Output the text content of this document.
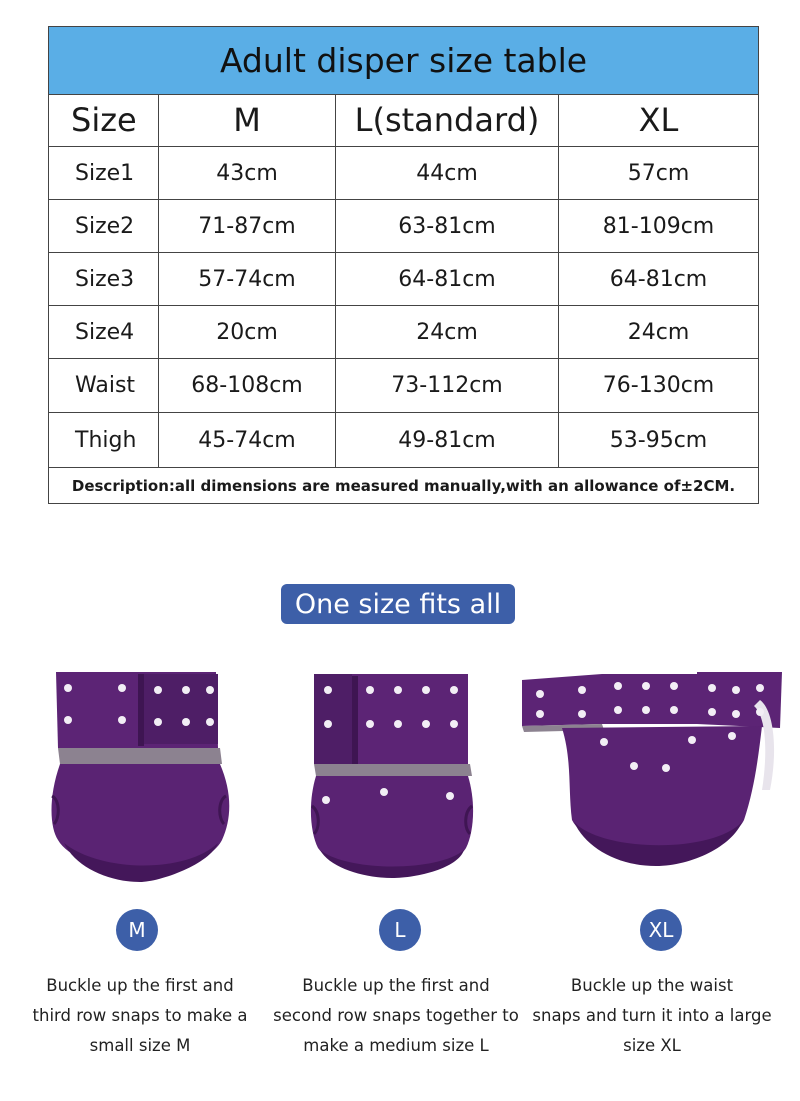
Adult disper size table
Size	M	L(standard)	XL
Size1	43cm	44cm	57cm
Size2	71-87cm	63-81cm	81-109cm
Size3	57-74cm	64-81cm	64-81cm
Size4	20cm	24cm	24cm
Waist	68-108cm	73-112cm	76-130cm
Thigh	45-74cm	49-81cm	53-95cm
Description:all dimensions are measured manually,with an allowance of±2CM.
One size fits all
M	L	XL
Buckle up the first and
third row snaps to make a
small size M
Buckle up the first and
second row snaps together to
make a medium size L
Buckle up the waist
snaps and turn it into a large
size XL
